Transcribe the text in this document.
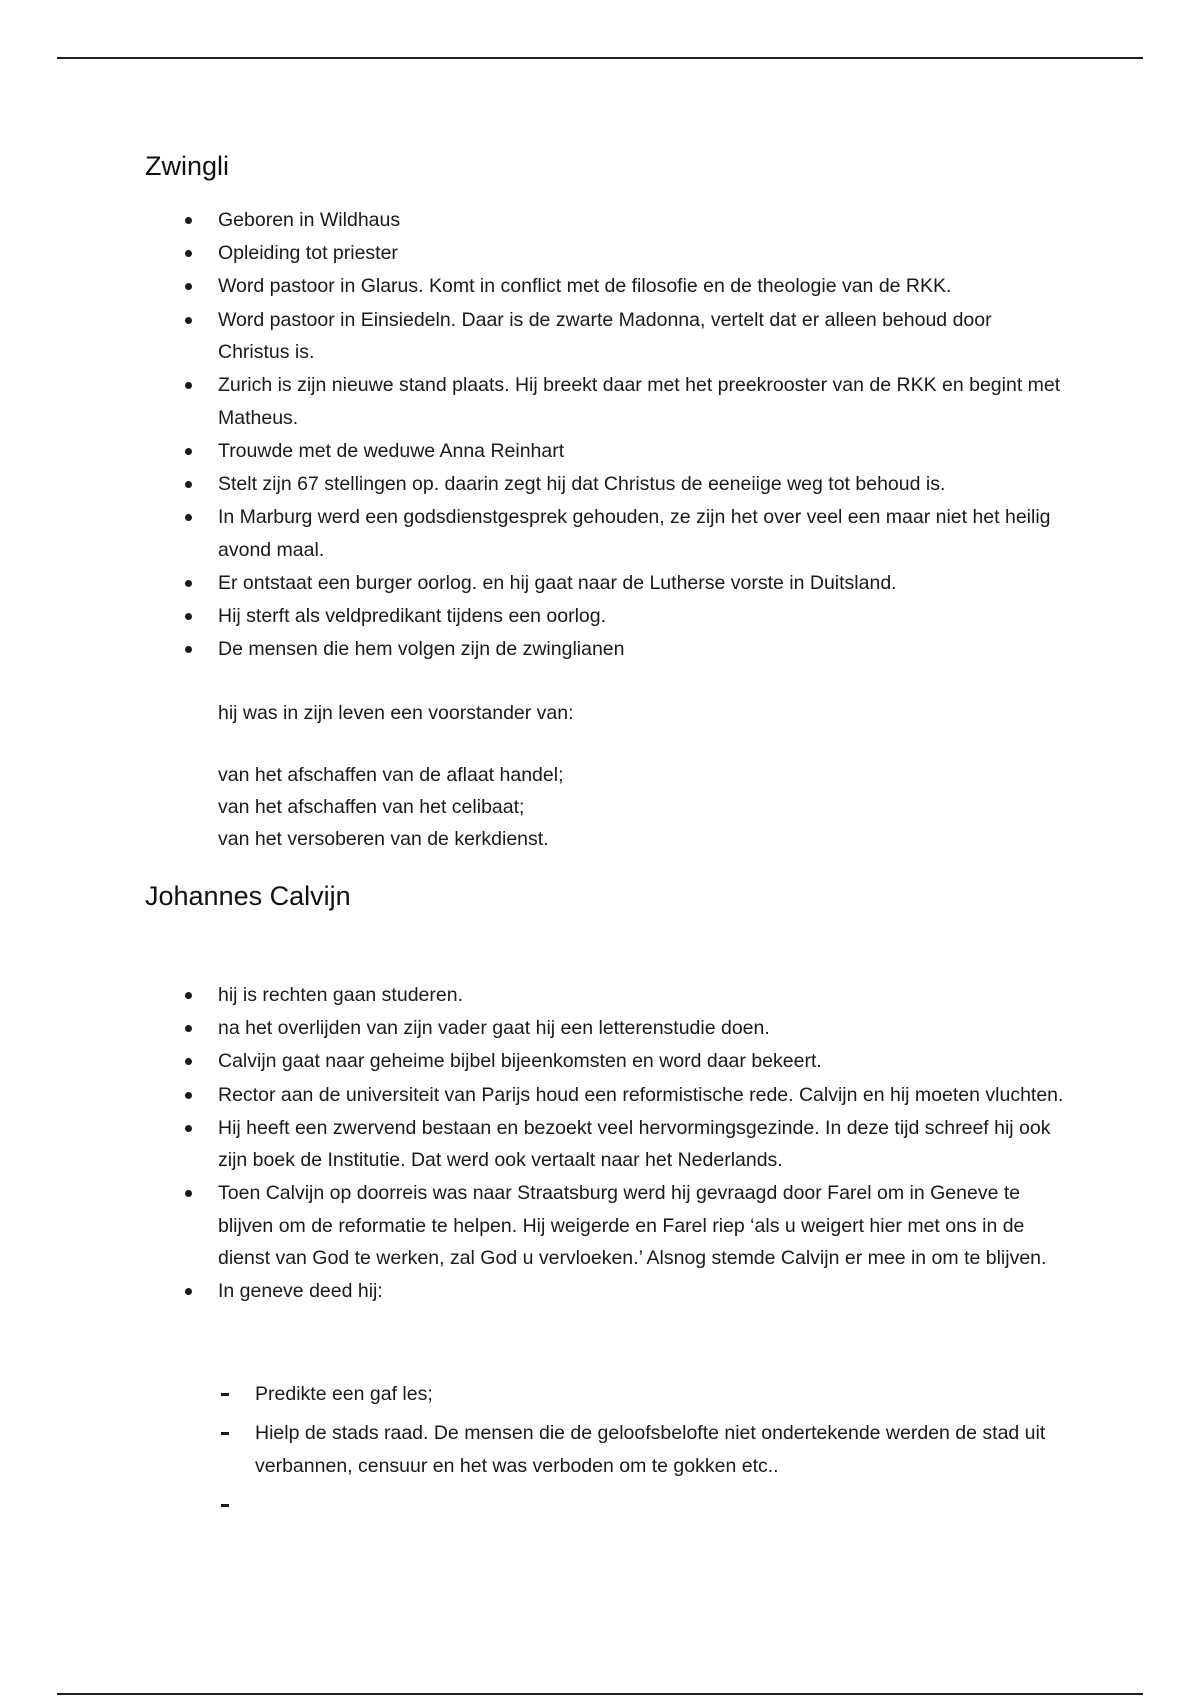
Zwingli
Geboren in Wildhaus
Opleiding tot priester
Word pastoor in Glarus. Komt in conflict met de filosofie en de theologie van de RKK.
Word pastoor in Einsiedeln. Daar is de zwarte Madonna, vertelt dat er alleen behoud door Christus is.
Zurich is zijn nieuwe stand plaats. Hij breekt daar met het preekrooster van de RKK en begint met Matheus.
Trouwde met de weduwe Anna Reinhart
Stelt zijn 67 stellingen op. daarin zegt hij dat Christus de eeneiige weg tot behoud is.
In Marburg werd een godsdienstgesprek gehouden, ze zijn het over veel een maar niet het heilig avond maal.
Er ontstaat een burger oorlog. en hij gaat naar de Lutherse vorste in Duitsland.
Hij sterft als veldpredikant tijdens een oorlog.
De mensen die hem volgen zijn de zwinglianen
hij was in zijn leven een voorstander van:
van het afschaffen van de aflaat handel;
van het afschaffen van het celibaat;
van het versoberen van de kerkdienst.
Johannes Calvijn
hij is rechten gaan studeren.
na het overlijden van zijn vader gaat hij een letterenstudie doen.
Calvijn gaat naar geheime bijbel bijeenkomsten en word daar bekeert.
Rector aan de universiteit van Parijs houd een reformistische rede. Calvijn en hij moeten vluchten.
Hij heeft een zwervend bestaan en bezoekt veel hervormingsgezinde. In deze tijd schreef hij ook zijn boek de Institutie. Dat werd ook vertaalt naar het Nederlands.
Toen Calvijn op doorreis was naar Straatsburg werd hij gevraagd door Farel om in Geneve te blijven om de reformatie te helpen. Hij weigerde en Farel riep ‘als u weigert hier met ons in de dienst van God te werken, zal God u vervloeken.’ Alsnog stemde Calvijn er mee in om te blijven.
In geneve deed hij:
Predikte een gaf les;
Hielp de stads raad. De mensen die de geloofsbelofte niet ondertekende werden de stad uit verbannen, censuur en het was verboden om te gokken etc..
